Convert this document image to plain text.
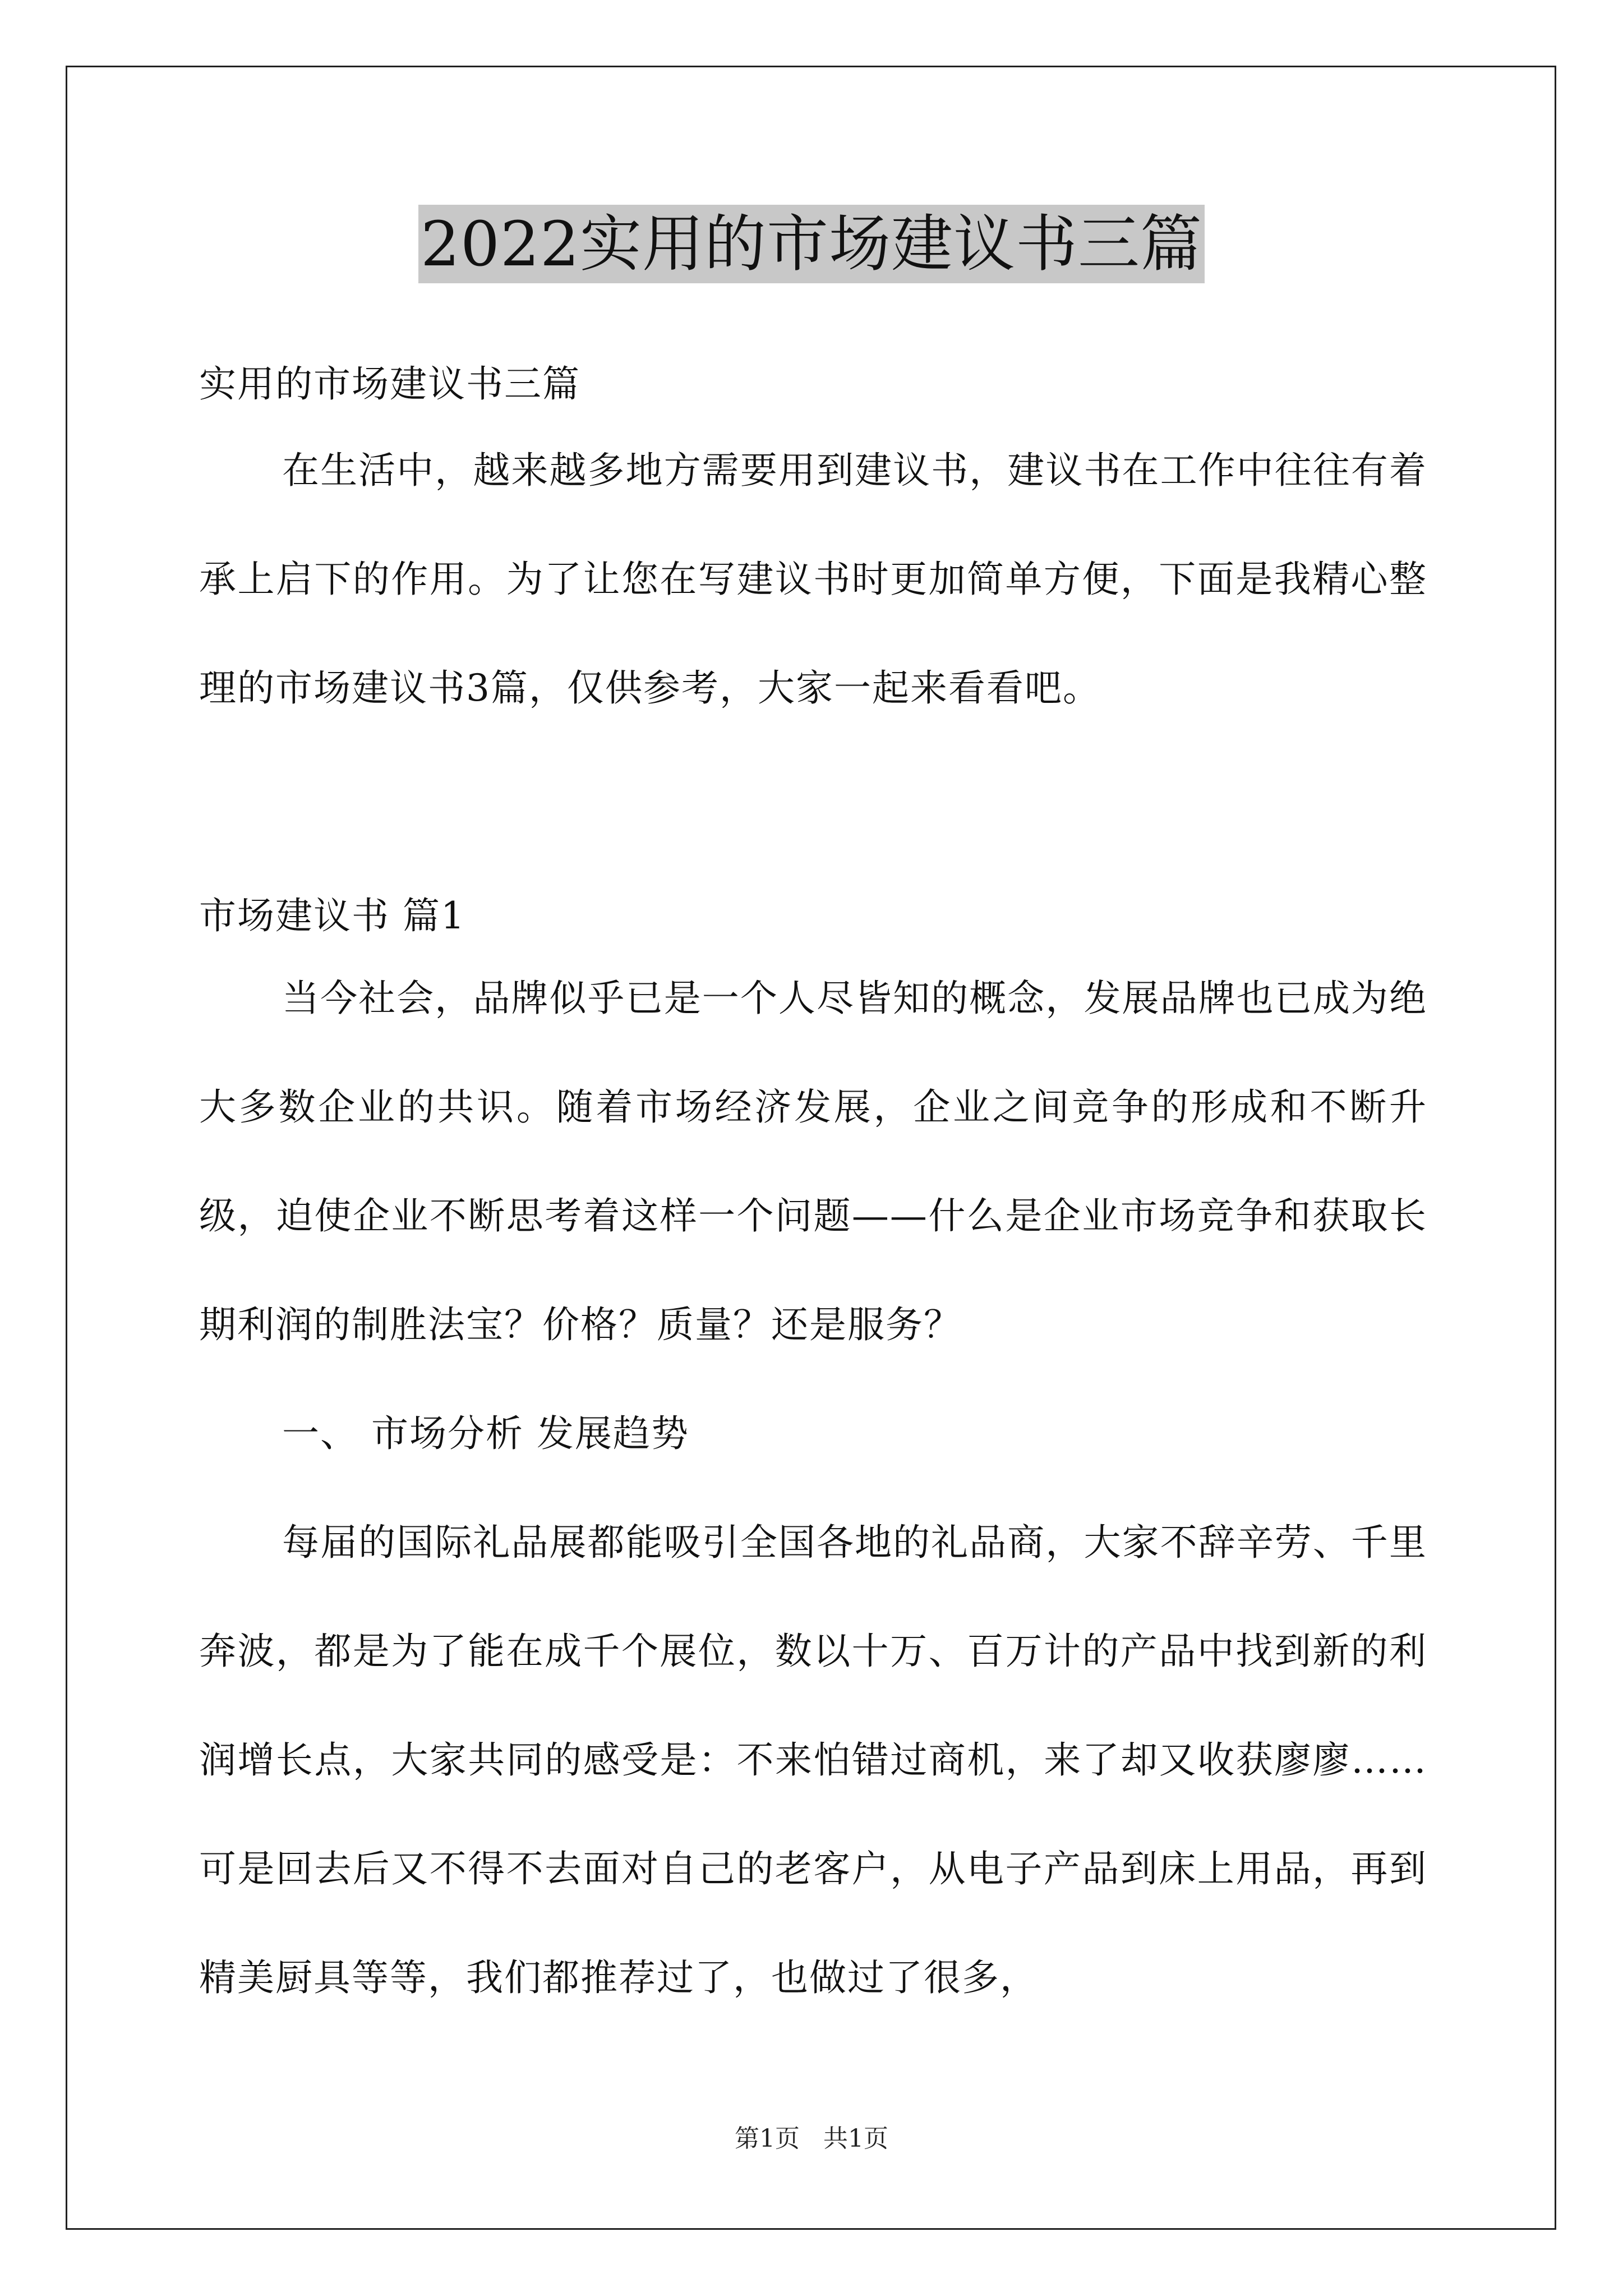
2022实用的市场建议书三篇
实用的市场建议书三篇
在生活中，越来越多地方需要用到建议书，建议书在工作中往往有着承上启下的作用。为了让您在写建议书时更加简单方便，下面是我精心整理的市场建议书3篇，仅供参考，大家一起来看看吧。
市场建议书 篇1
当今社会，品牌似乎已是一个人尽皆知的概念，发展品牌也已成为绝大多数企业的共识。随着市场经济发展，企业之间竞争的形成和不断升级，迫使企业不断思考着这样一个问题——什么是企业市场竞争和获取长期利润的制胜法宝？价格？质量？还是服务？
一、 市场分析 发展趋势
每届的国际礼品展都能吸引全国各地的礼品商，大家不辞辛劳、千里奔波，都是为了能在成千个展位，数以十万、百万计的产品中找到新的利润增长点，大家共同的感受是：不来怕错过商机，来了却又收获廖廖……可是回去后又不得不去面对自己的老客户，从电子产品到床上用品，再到精美厨具等等，我们都推荐过了，也做过了很多，
第1页 共1页
